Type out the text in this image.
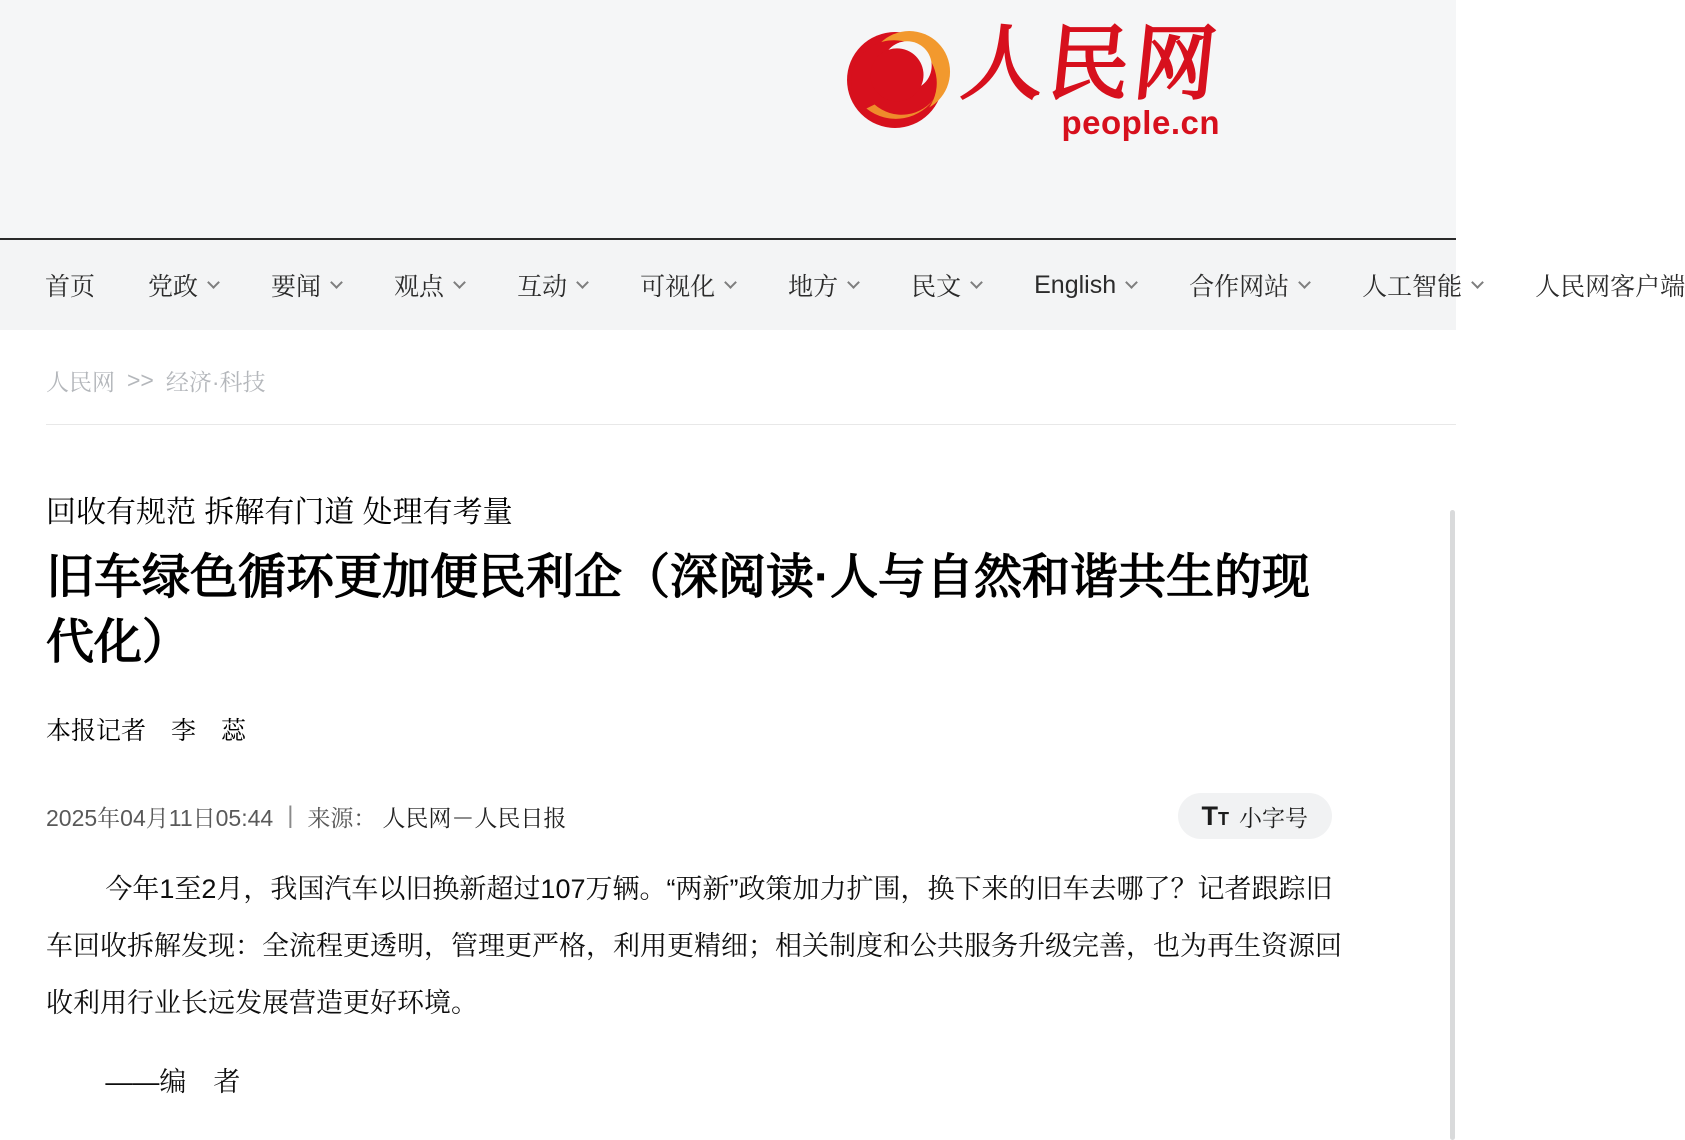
人民网
people.cn
首页 党政	要闻	观点	互动	可视化	地方	民文	English	合作网站	人工智能	人民网客户端
人民网 >> 经济·科技
回收有规范 拆解有门道 处理有考量
旧车绿色循环更加便民利企（深阅读·人与自然和谐共生的现代化）
本报记者　李　蕊
2025年04月11日05:44 | 来源： 人民网－人民日报	TT 小字号

今年1至2月，我国汽车以旧换新超过107万辆。“两新”政策加力扩围，换下来的旧车去哪了？记者跟踪旧车回收拆解发现：全流程更透明，管理更严格，利用更精细；相关制度和公共服务升级完善，也为再生资源回收利用行业长远发展营造更好环境。

——编　者
